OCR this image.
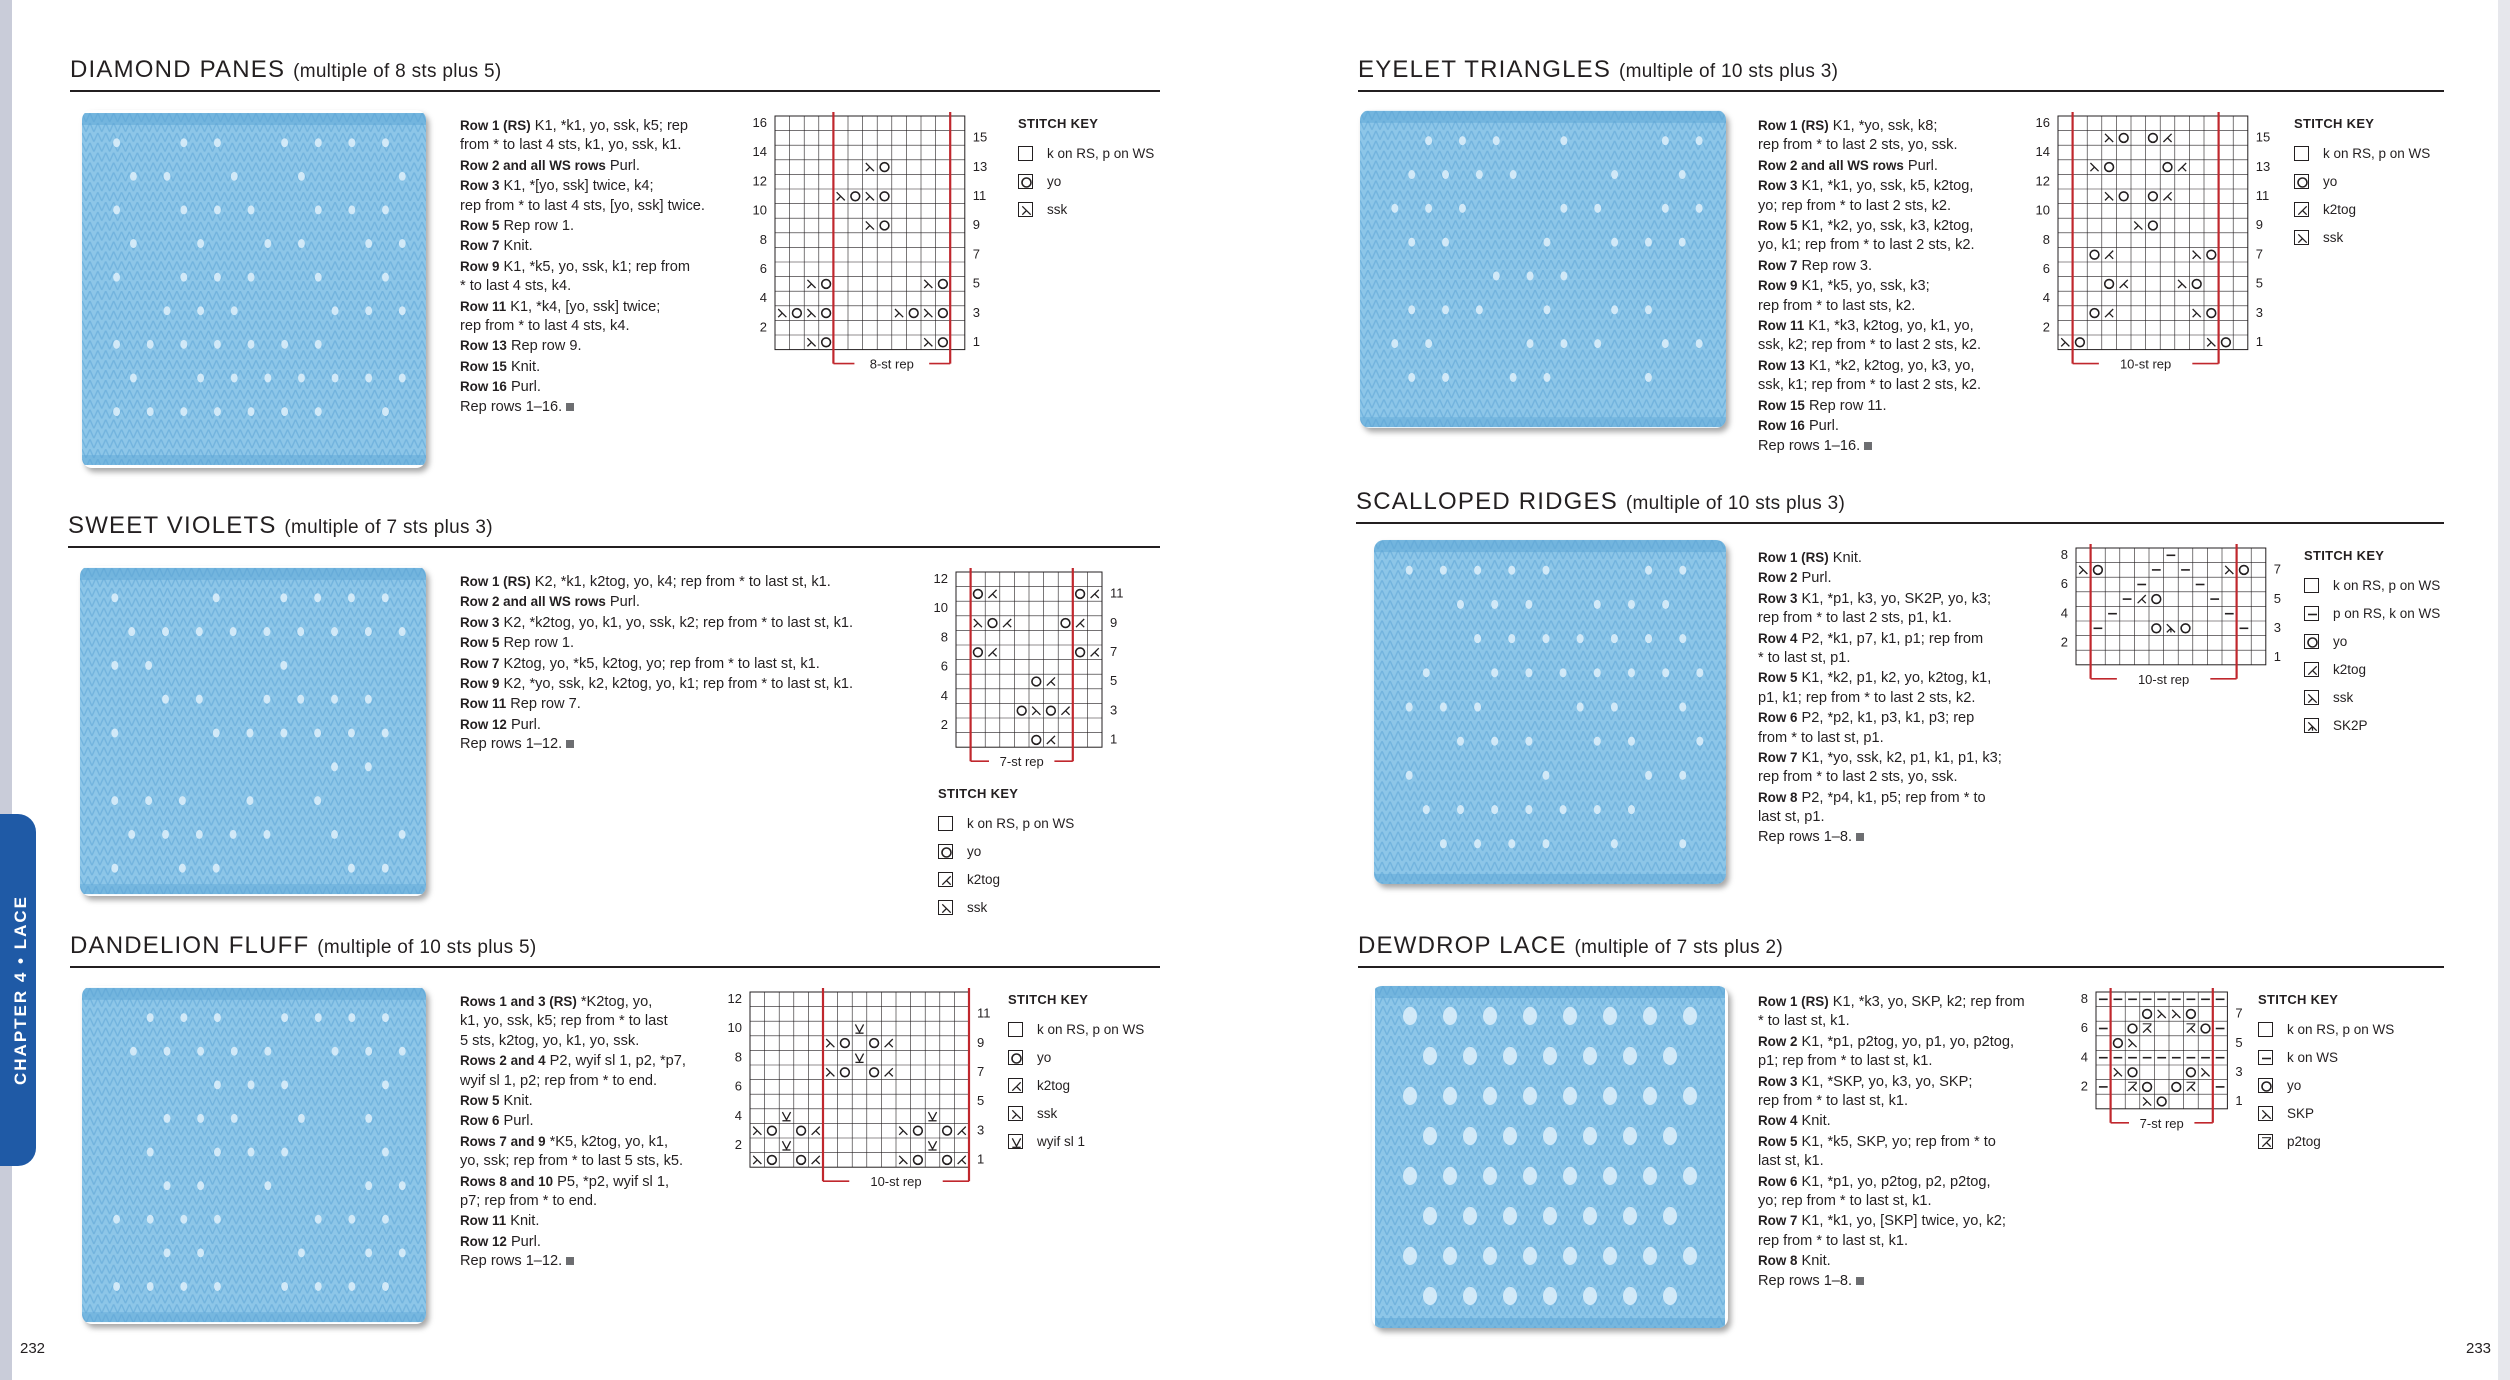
CHAPTER 4 • LACE
232	233
DIAMOND PANES (multiple of 8 sts plus 5)
SWEET VIOLETS (multiple of 7 sts plus 3)
DANDELION FLUFF (multiple of 10 sts plus 5)
EYELET TRIANGLES (multiple of 10 sts plus 3)
SCALLOPED RIDGES (multiple of 10 sts plus 3)
DEWDROP LACE (multiple of 7 sts plus 2)
Row 1 (RS) K1, *k1, yo, ssk, k5; rep
from * to last 4 sts, k1, yo, ssk, k1.
Row 2 and all WS rows Purl.
Row 3 K1, *[yo, ssk] twice, k4;
rep from * to last 4 sts, [yo, ssk] twice.
Row 5 Rep row 1.
Row 7 Knit.
Row 9 K1, *k5, yo, ssk, k1; rep from
* to last 4 sts, k4.
Row 11 K1, *k4, [yo, ssk] twice;
rep from * to last 4 sts, k4.
Row 13 Rep row 9.
Row 15 Knit.
Row 16 Purl.
Rep rows 1–16.
8-st rep
16
14
12
10
8
6
4
2
15
13
11
9
7
5
3
1
STITCH KEY
k on RS, p on WS
yo
ssk
Row 1 (RS) K2, *k1, k2tog, yo, k4; rep from * to last st, k1.
Row 2 and all WS rows Purl.
Row 3 K2, *k2tog, yo, k1, yo, ssk, k2; rep from * to last st, k1.
Row 5 Rep row 1.
Row 7 K2tog, yo, *k5, k2tog, yo; rep from * to last st, k1.
Row 9 K2, *yo, ssk, k2, k2tog, yo, k1; rep from * to last st, k1.
Row 11 Rep row 7.
Row 12 Purl.
Rep rows 1–12.
7-st rep
12
10
8
6
4
2
11
9
7
5
3
1
STITCH KEY
k on RS, p on WS
yo
k2tog
ssk
Rows 1 and 3 (RS) *K2tog, yo,
k1, yo, ssk, k5; rep from * to last
5 sts, k2tog, yo, k1, yo, ssk.
Rows 2 and 4 P2, wyif sl 1, p2, *p7,
wyif sl 1, p2; rep from * to end.
Row 5 Knit.
Row 6 Purl.
Rows 7 and 9 *K5, k2tog, yo, k1,
yo, ssk; rep from * to last 5 sts, k5.
Rows 8 and 10 P5, *p2, wyif sl 1,
p7; rep from * to end.
Row 11 Knit.
Row 12 Purl.
Rep rows 1–12.
10-st rep
12
10
8
6
4
2
11
9
7
5
3
1
STITCH KEY
k on RS, p on WS
yo
k2tog
ssk
wyif sl 1
Row 1 (RS) K1, *yo, ssk, k8;
rep from * to last 2 sts, yo, ssk.
Row 2 and all WS rows Purl.
Row 3 K1, *k1, yo, ssk, k5, k2tog,
yo; rep from * to last 2 sts, k2.
Row 5 K1, *k2, yo, ssk, k3, k2tog,
yo, k1; rep from * to last 2 sts, k2.
Row 7 Rep row 3.
Row 9 K1, *k5, yo, ssk, k3;
rep from * to last sts, k2.
Row 11 K1, *k3, k2tog, yo, k1, yo,
ssk, k2; rep from * to last 2 sts, k2.
Row 13 K1, *k2, k2tog, yo, k3, yo,
ssk, k1; rep from * to last 2 sts, k2.
Row 15 Rep row 11.
Row 16 Purl.
Rep rows 1–16.
10-st rep
16
14
12
10
8
6
4
2
15
13
11
9
7
5
3
1
STITCH KEY
k on RS, p on WS
yo
k2tog
ssk
Row 1 (RS) Knit.
Row 2 Purl.
Row 3 K1, *p1, k3, yo, SK2P, yo, k3;
rep from * to last 2 sts, p1, k1.
Row 4 P2, *k1, p7, k1, p1; rep from
* to last st, p1.
Row 5 K1, *k2, p1, k2, yo, k2tog, k1,
p1, k1; rep from * to last 2 sts, k2.
Row 6 P2, *p2, k1, p3, k1, p3; rep
from * to last st, p1.
Row 7 K1, *yo, ssk, k2, p1, k1, p1, k3;
rep from * to last 2 sts, yo, ssk.
Row 8 P2, *p4, k1, p5; rep from * to
last st, p1.
Rep rows 1–8.
10-st rep
8
6
4
2
7
5
3
1
STITCH KEY
k on RS, p on WS
p on RS, k on WS
yo
k2tog
ssk
SK2P
Row 1 (RS) K1, *k3, yo, SKP, k2; rep from
* to last st, k1.
Row 2 K1, *p1, p2tog, yo, p1, yo, p2tog,
p1; rep from * to last st, k1.
Row 3 K1, *SKP, yo, k3, yo, SKP;
rep from * to last st, k1.
Row 4 Knit.
Row 5 K1, *k5, SKP, yo; rep from * to
last st, k1.
Row 6 K1, *p1, yo, p2tog, p2, p2tog,
yo; rep from * to last st, k1.
Row 7 K1, *k1, yo, [SKP] twice, yo, k2;
rep from * to last st, k1.
Row 8 Knit.
Rep rows 1–8.
7-st rep
8
6
4
2
7
5
3
1
STITCH KEY
k on RS, p on WS
k on WS
yo
SKP
p2tog
